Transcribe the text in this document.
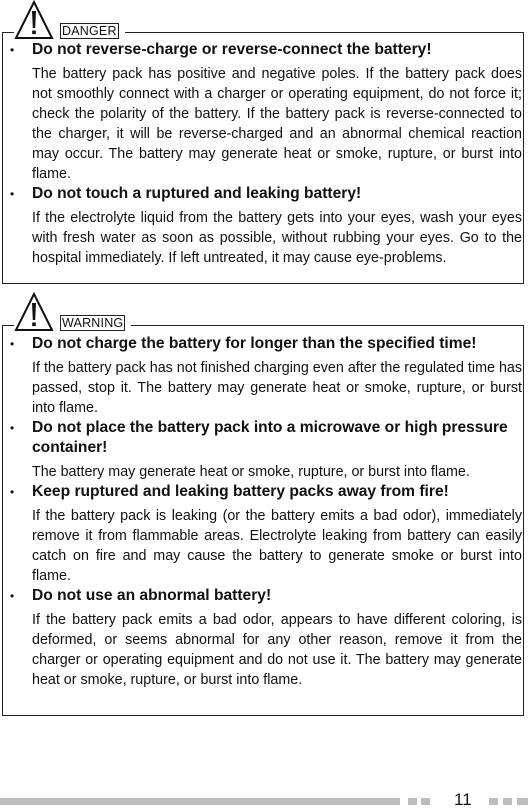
DANGER
• Do not reverse-charge or reverse-connect the battery!
The battery pack has positive and negative poles. If the battery pack does not smoothly connect with a charger or operating equipment, do not force it; check the polarity of the battery. If the battery pack is reverse-connected to the charger, it will be reverse-charged and an abnormal chemical reaction may occur. The battery may generate heat or smoke, rupture, or burst into flame.
• Do not touch a ruptured and leaking battery!
If the electrolyte liquid from the battery gets into your eyes, wash your eyes with fresh water as soon as possible, without rubbing your eyes. Go to the hospital immediately. If left untreated, it may cause eye-problems.
WARNING
• Do not charge the battery for longer than the specified time!
If the battery pack has not finished charging even after the regulated time has passed, stop it. The battery may generate heat or smoke, rupture, or burst into flame.
• Do not place the battery pack into a microwave or high pressure container!
The battery may generate heat or smoke, rupture, or burst into flame.
• Keep ruptured and leaking battery packs away from fire!
If the battery pack is leaking (or the battery emits a bad odor), immediately remove it from flammable areas. Electrolyte leaking from battery can easily catch on fire and may cause the battery to generate smoke or burst into flame.
• Do not use an abnormal battery!
If the battery pack emits a bad odor, appears to have different coloring, is deformed, or seems abnormal for any other reason, remove it from the charger or operating equipment and do not use it. The battery may generate heat or smoke, rupture, or burst into flame.
11
